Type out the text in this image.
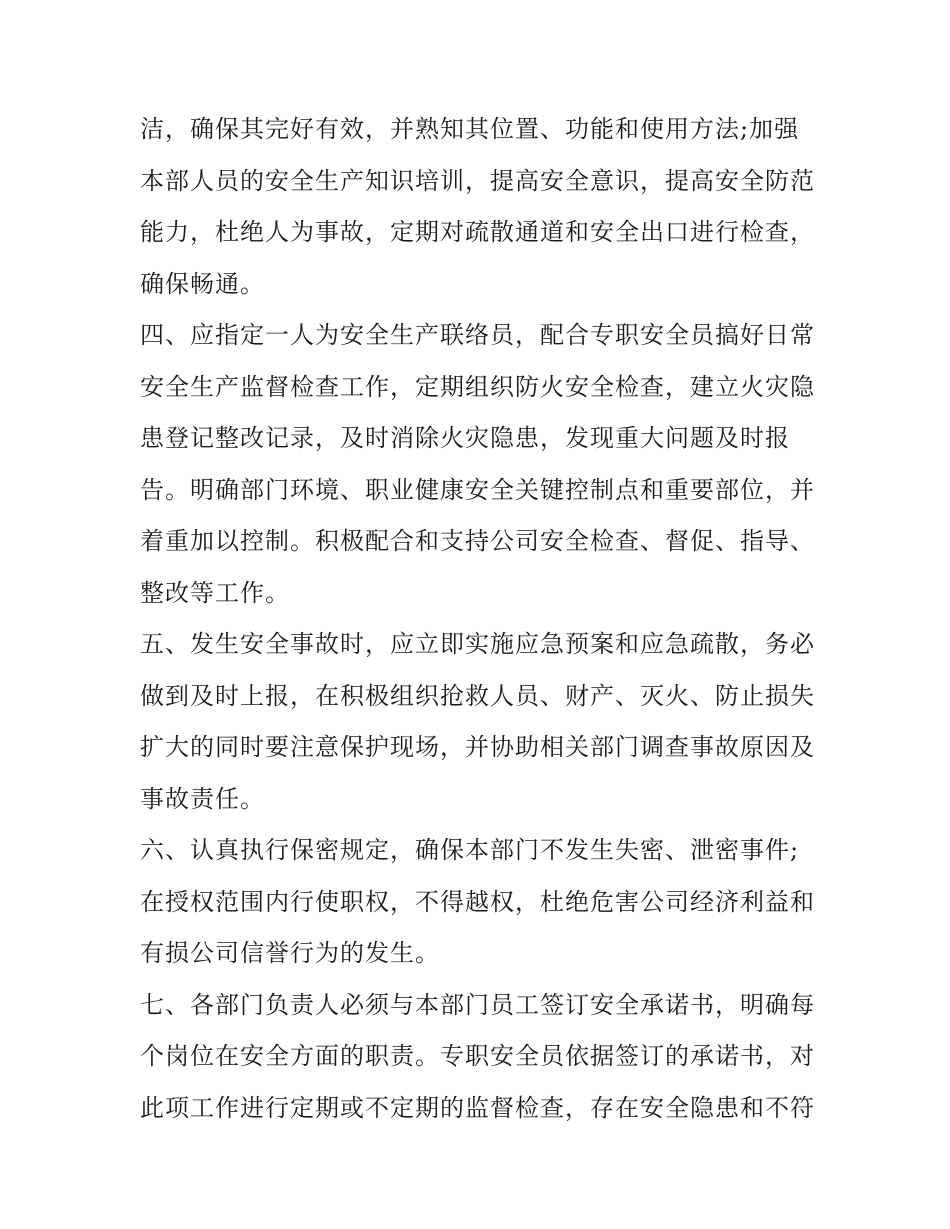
洁，确保其完好有效，并熟知其位置、功能和使用方法;加强
本部人员的安全生产知识培训，提高安全意识，提高安全防范
能力，杜绝人为事故，定期对疏散通道和安全出口进行检查，
确保畅通。
四、应指定一人为安全生产联络员，配合专职安全员搞好日常
安全生产监督检查工作，定期组织防火安全检查，建立火灾隐
患登记整改记录，及时消除火灾隐患，发现重大问题及时报
告。明确部门环境、职业健康安全关键控制点和重要部位，并
着重加以控制。积极配合和支持公司安全检查、督促、指导、
整改等工作。
五、发生安全事故时，应立即实施应急预案和应急疏散，务必
做到及时上报，在积极组织抢救人员、财产、灭火、防止损失
扩大的同时要注意保护现场，并协助相关部门调查事故原因及
事故责任。
六、认真执行保密规定，确保本部门不发生失密、泄密事件;
在授权范围内行使职权，不得越权，杜绝危害公司经济利益和
有损公司信誉行为的发生。
七、各部门负责人必须与本部门员工签订安全承诺书，明确每
个岗位在安全方面的职责。专职安全员依据签订的承诺书，对
此项工作进行定期或不定期的监督检查，存在安全隐患和不符
